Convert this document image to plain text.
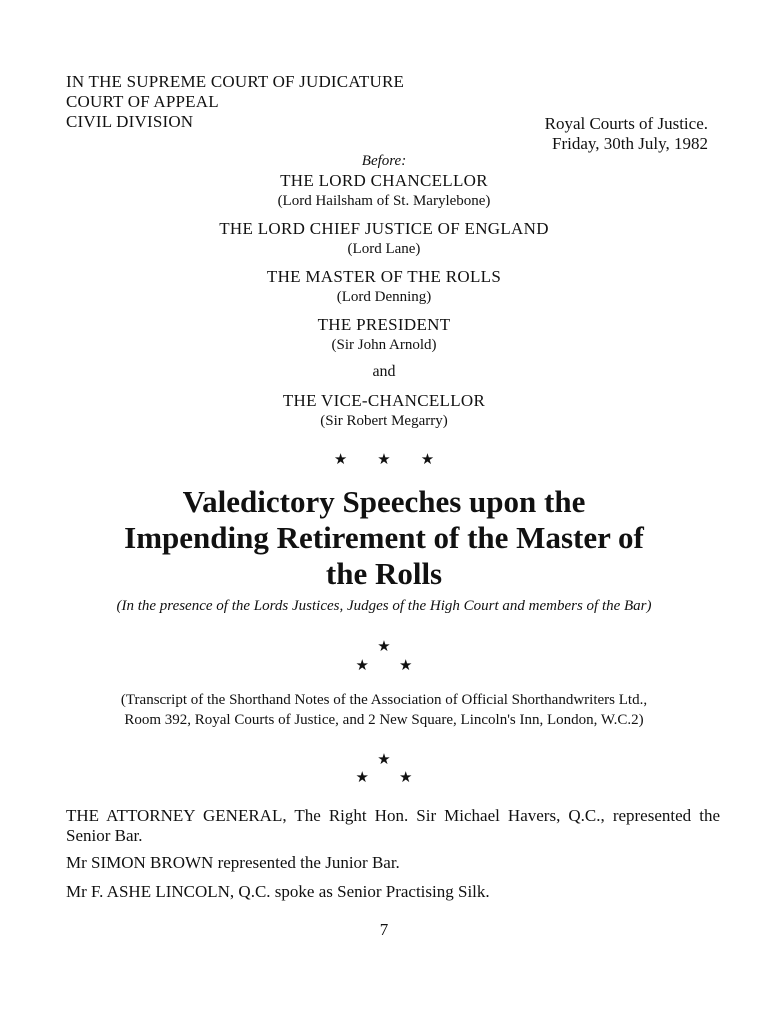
IN THE SUPREME COURT OF JUDICATURE
COURT OF APPEAL
CIVIL DIVISION	Royal Courts of Justice.
Friday, 30th July, 1982
Before:
THE LORD CHANCELLOR
(Lord Hailsham of St. Marylebone)
THE LORD CHIEF JUSTICE OF ENGLAND
(Lord Lane)
THE MASTER OF THE ROLLS
(Lord Denning)
THE PRESIDENT
(Sir John Arnold)
and
THE VICE-CHANCELLOR
(Sir Robert Megarry)
★★★
Valedictory Speeches upon the
Impending Retirement of the Master of
the Rolls
(In the presence of the Lords Justices, Judges of the High Court and members of the Bar)
★
★★
(Transcript of the Shorthand Notes of the Association of Official Shorthandwriters Ltd.,
Room 392, Royal Courts of Justice, and 2 New Square, Lincoln's Inn, London, W.C.2)
★
★★
THE ATTORNEY GENERAL, The Right Hon. Sir Michael Havers, Q.C., represented the Senior Bar.
Mr SIMON BROWN represented the Junior Bar.
Mr F. ASHE LINCOLN, Q.C. spoke as Senior Practising Silk.
7
